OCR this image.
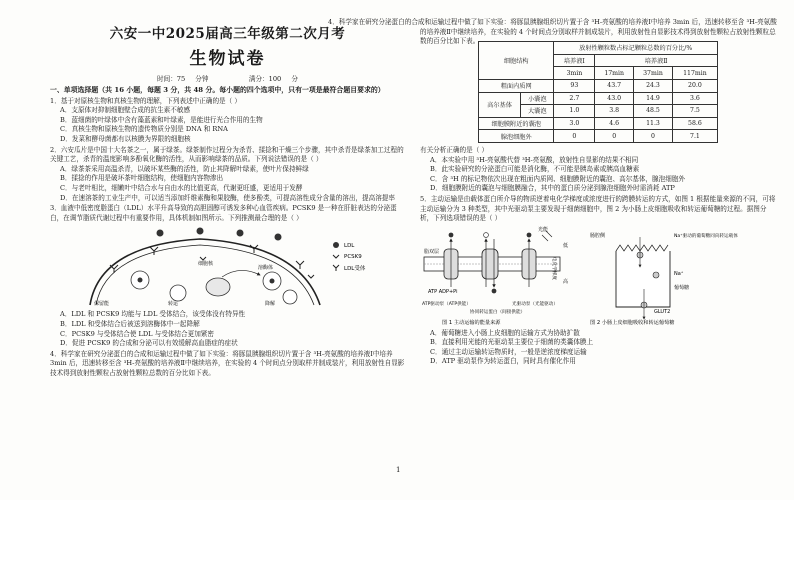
六安一中2025届高三年级第二次月考
生物试卷
时间：75 分钟	满分：100 分
一、单项选择题（共 16 小题，每题 3 分，共 48 分。每小题的四个选项中，只有一项是最符合题目要求的）
1．基于对原核生物和真核生物的理解，下列表述中正确的是（ ）
A．支原体对抑制细胞壁合成的抗生素不敏感
B．蓝细菌的叶绿体中含有藻蓝素和叶绿素，是能进行光合作用的生物
C．真核生物和原核生物的遗传物质分别是 DNA 和 RNA
D．发菜和酵母菌都有以核膜为界限的细胞核
2．六安瓜片是中国十大名茶之一，属于绿茶。绿茶制作过程分为杀青、揉捻和干燥三个步骤，其中杀青是绿茶加工过程的关键工艺，杀青的温度影响多酚氧化酶的活性，从而影响绿茶的品质。下列说法错误的是（ ）
A．绿茶茶采用高温杀青，以破坏某些酶的活性，防止其降解叶绿素，使叶片保持鲜绿
B．揉捻的作用是破坏茶叶细胞结构，使细胞内容物渗出
C．与老叶相比，细嫩叶中结合水与自由水的比值更高，代谢更旺盛，更适用于发酵
D．在速溶茶的工业生产中，可以适当添加纤维素酶和果胶酶，使多酚类，可提高溶性成分含量的溶出，提高溶提率
3．血液中低密度脂蛋白（LDL）水平升高导致的高胆固醇可诱发多种心血管疾病。PCSK9 是一种在肝脏表达的分泌蛋白，在调节脂质代谢过程中有重要作用，具体机制如图所示。下列推测最合理的是（ ）
细胞核
溶酶体
保留能	转运	降解
LDL
PCSK9
LDL受体
A．LDL 和 PCSK9 均能与 LDL 受体结合，该受体没有特异性
B．LDL 和受体结合后被送到溶酶体中一起降解
C．PCSK9 与受体结合使 LDL 与受体结合更加紧密
D．促进 PCSK9 的合成和分泌可以有效缓解高血脂症的症状
4．科学家在研究分泌蛋白的合成和运输过程中做了如下实验：将豚鼠胰腺组织切片置于含 ³H-亮氨酸的培养液Ⅰ中培养 3min 后，迅速转移至含 ³H-亮氨酸的培养液Ⅱ中继续培养，在实验的 4 个时间点分别取样并制成装片，利用放射性自显影技术得到放射性颗粒占放射性颗粒总数的百分比如下表。
4．科学家在研究分泌蛋白的合成和运输过程中做了如下实验：将豚鼠胰腺组织切片置于含 ³H-亮氨酸的培养液Ⅰ中培养 3min 后，迅速转移至含 ³H-亮氨酸的培养液Ⅱ中继续培养，在实验的 4 个时间点分别取样并制成装片，利用放射性自显影技术得到放射性颗粒占放射性颗粒总数的百分比如下表。
细胞结构		放射性颗粒数占标记颗粒总数的百分比/%			
		培养液Ⅰ	培养液Ⅱ		
		3min	17min	37min	117min
粗面内质网		93	43.7	24.3	20.0
高尔基体	小囊泡	2.7	43.0	14.9	3.6
	大囊泡	1.0	3.8	48.5	7.5
细胞膜附近的囊泡		3.0	4.6	11.3	58.6
腺泡细胞外		0	0	0	7.1
有关分析正确的是（ ）
A．本实验中用 ³H-亮氨酸代替 ³H-亮氨酸，放射性自显影的结果不相同
B．此实验研究的分泌蛋白可能是消化酶，不可能是胰岛素或胰高血糖素
C．含 ³H 的标记物依次出现在粗面内质网、细胞膜附近的囊泡、高尔基体，腺泡细胞外
D．细胞膜附近的囊泡与细胞膜融合，其中的蛋白质分泌到腺泡细胞外时需消耗 ATP
5．主动运输是由载体蛋白所介导的物质逆着电化学梯度或浓度进行的跨膜转运的方式，如图 1 根据能量来源的不同，可将主动运输分为 3 种类型，其中光驱动泵主要发现于细菌细胞中，图 2 为小肠上皮细胞吸收和转运葡萄糖的过程。据图分析，下列选项错误的是（ ）
光能
脂双层
低
高
电化学梯度
ATP ADP+Pi
ATP驱动泵（ATP供能）
协同转运蛋白（间接供能）
光驱动泵（光能驱动）
图 1 主动运输的能量来源
肠腔侧	Na⁺驱动的葡萄糖同向转运载体
Na⁺
葡萄糖
GLUT2
图 2 小肠上皮细胞吸收和转运葡萄糖
A．葡萄糖进入小肠上皮细胞的运输方式为协助扩散
B．直接利用光能的光驱动泵主要位于细菌的类囊体膜上
C．通过主动运输转运物质时，一般是逆浓度梯度运输
D．ATP 驱动泵作为转运蛋白，同时具有催化作用
1
